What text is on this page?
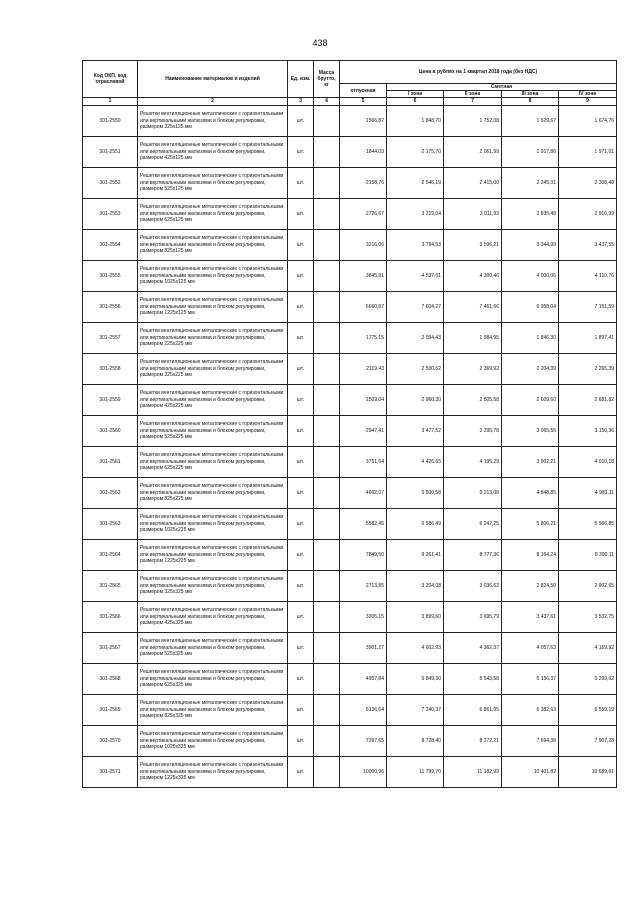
438
Код ОКП, код отраслевой	Наименование материалов и изделий	Ед. изм.	Масса брутто, кг	Цена в рублях на 1 квартал 2018 года (без НДС)				
				отпускная	Сметная			
					I зона	II зона	III зона	IV зона
1	2	3	4	5	6	7	8	9
301-2550	Решетки вентиляционные металлические с горизонтальными или вертикальными жалюзями и блоком регулировки, размером 325х125 мм	шт.		1566,87	1 848,70	1 752,08	1 629,67	1 674,76
301-2551	Решетки вентиляционные металлические с горизонтальными или вертикальными жалюзями и блоком регулировки, размером 425х125 мм	шт.		1844,03	2 175,70	2 061,99	1 917,86	1 971,01
301-2552	Решетки вентиляционные металлические с горизонтальными или вертикальными жалюзями и блоком регулировки, размером 525х125 мм	шт.		2158,76	2 546,19	2 415,00	2 245,31	2 308,48
301-2553	Решетки вентиляционные металлические с горизонтальными или вертикальными жалюзями и блоком регулировки, размером 625х125 мм	шт.		2726,67	3 219,04	3 011,93	2 835,48	2 916,99
301-2554	Решетки вентиляционные металлические с горизонтальными или вертикальными жалюзями и блоком регулировки, размером 825х125 мм	шт.		3216,06	3 794,53	3 596,21	3 344,99	3 437,55
301-2555	Решетки вентиляционные металлические с горизонтальными или вертикальными жалюзями и блоком регулировки, размером 1025х125 мм	шт.		3845,91	4 537,61	4 300,46	4 000,06	4 110,76
301-2556	Решетки вентиляционные металлические с горизонтальными или вертикальными жалюзями и блоком регулировки, размером 1225х125 мм	шт.		6660,67	7 604,27	7 461,66	6 958,04	7 151,59
301-2557	Решетки вентиляционные металлические с горизонтальными или вертикальными жалюзями и блоком регулировки, размером 225х225 мм	шт.		1775,15	2 094,43	1 984,95	1 846,30	1 897,41
301-2558	Решетки вентиляционные металлические с горизонтальными или вертикальными жалюзями и блоком регулировки, размером 325х225 мм	шт.		2119,43	2 500,62	2 369,92	2 204,39	2 265,39
301-2559	Решетки вентиляционные металлические с горизонтальными или вертикальными жалюзями и блоком регулировки, размером 425х225 мм	шт.		2509,04	2 960,30	2 805,58	2 609,60	2 681,82
301-2560	Решетки вентиляционные металлические с горизонтальными или вертикальными жалюзями и блоком регулировки, размером 525х225 мм	шт.		2947,41	3 477,52	3 295,78	3 065,56	3 150,36
301-2561	Решетки вентиляционные металлические с горизонтальными или вертикальными жалюзями и блоком регулировки, размером 625х225 мм	шт.		3751,64	4 426,65	4 195,29	3 902,21	4 010,18
301-2562	Решетки вентиляционные металлические с горизонтальными или вертикальными жалюзями и блоком регулировки, размером 825х225 мм	шт.		4662,07	5 500,58	5 213,08	4 848,85	4 983,11
301-2563	Решетки вентиляционные металлические с горизонтальными или вертикальными жалюзями и блоком регулировки, размером 1025х225 мм	шт.		5582,45	6 586,49	6 242,25	5 806,21	5 966,85
301-2564	Решетки вентиляционные металлические с горизонтальными или вертикальными жалюзями и блоком регулировки, размером 1225х225 мм	шт.		7849,50	9 261,41	8 777,36	8 164,24	8 390,11
301-2565	Решетки вентиляционные металлические с горизонтальными или вертикальными жалюзями и блоком регулировки, размером 325х325 мм	шт.		2713,85	3 204,08	3 036,62	2 824,50	2 902,65
301-2566	Решетки вентиляционные металлические с горизонтальными или вертикальными жалюзями и блоком регулировки, размером 425х325 мм	шт.		3305,15	3 899,60	3 695,79	3 437,61	3 532,75
301-2567	Решетки вентиляционные металлические с горизонтальными или вертикальными жалюзями и блоком регулировки, размером 525х325 мм	шт.		3901,27	4 602,93	4 362,37	4 057,63	4 169,92
301-2568	Решетки вентиляционные металлические с горизонтальными или вертикальными жалюзями и блоком регулировки, размером 625х325 мм	шт.		4957,84	5 849,30	5 543,58	5 156,37	5 299,02
301-2569	Решетки вентиляционные металлические с горизонтальными или вертикальными жалюзями и блоком регулировки, размером 825х325 мм	шт.		6136,64	7 240,37	6 861,95	6 382,63	6 559,19
301-2570	Решетки вентиляционные металлические с горизонтальными или вертикальными жалюзями и блоком регулировки, размером 1025х325 мм	шт.		7397,65	8 728,40	8 272,21	7 694,38	7 907,28
301-2571	Решетки вентиляционные металлические с горизонтальными или вертикальными жалюзями и блоком регулировки, размером 1225х325 мм	шт.		10000,96	11 799,70	11 182,99	10 401,82	10 689,61
